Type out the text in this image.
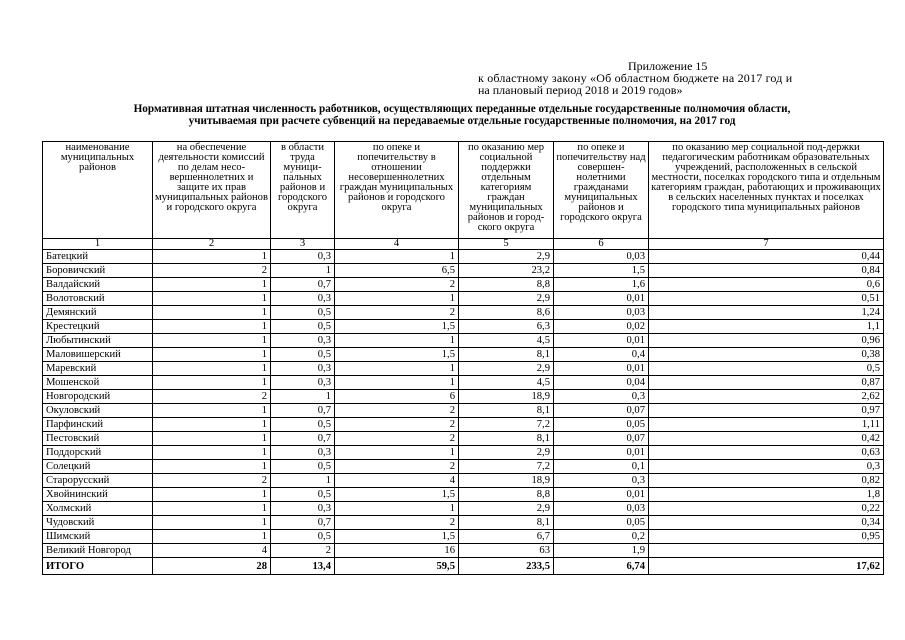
Приложение 15
к областному закону «Об областном бюджете на 2017 год и
на плановый период 2018 и 2019 годов»
Нормативная штатная численность работников, осуществляющих переданные отдельные государственные полномочия области,
учитываемая при расчете субвенций на передаваемые отдельные государственные полномочия, на 2017 год
наименование муниципальных районов	на обеспечение деятельности комиссий по делам несо-вершеннолетних и защите их прав муниципальных районов и городского округа	в области труда муници-пальных районов и городского округа	по опеке и попечительству в отношении несовершеннолетних граждан муниципальных районов и городского округа	по оказанию мер социальной поддержки отдельным категориям граждан муниципальных районов и город-ского округа	по опеке и попечительству над совершен-нолетними гражданами муниципальных районов и городского округа	по оказанию мер социальной под-держки педагогическим работникам образовательных учреждений, расположенных в сельской местности, поселках городского типа и отдельным категориям граждан, работающих и проживающих в сельских населенных пунктах и поселках городского типа муниципальных районов
1	2	3	4	5	6	7
Батецкий	1	0,3	1	2,9	0,03	0,44
Боровичский	2	1	6,5	23,2	1,5	0,84
Валдайский	1	0,7	2	8,8	1,6	0,6
Волотовский	1	0,3	1	2,9	0,01	0,51
Демянский	1	0,5	2	8,6	0,03	1,24
Крестецкий	1	0,5	1,5	6,3	0,02	1,1
Любытинский	1	0,3	1	4,5	0,01	0,96
Маловишерский	1	0,5	1,5	8,1	0,4	0,38
Маревский	1	0,3	1	2,9	0,01	0,5
Мошенской	1	0,3	1	4,5	0,04	0,87
Новгородский	2	1	6	18,9	0,3	2,62
Окуловский	1	0,7	2	8,1	0,07	0,97
Парфинский	1	0,5	2	7,2	0,05	1,11
Пестовский	1	0,7	2	8,1	0,07	0,42
Поддорский	1	0,3	1	2,9	0,01	0,63
Солецкий	1	0,5	2	7,2	0,1	0,3
Старорусский	2	1	4	18,9	0,3	0,82
Хвойнинский	1	0,5	1,5	8,8	0,01	1,8
Холмский	1	0,3	1	2,9	0,03	0,22
Чудовский	1	0,7	2	8,1	0,05	0,34
Шимский	1	0,5	1,5	6,7	0,2	0,95
Великий Новгород	4	2	16	63	1,9	
ИТОГО	28	13,4	59,5	233,5	6,74	17,62
